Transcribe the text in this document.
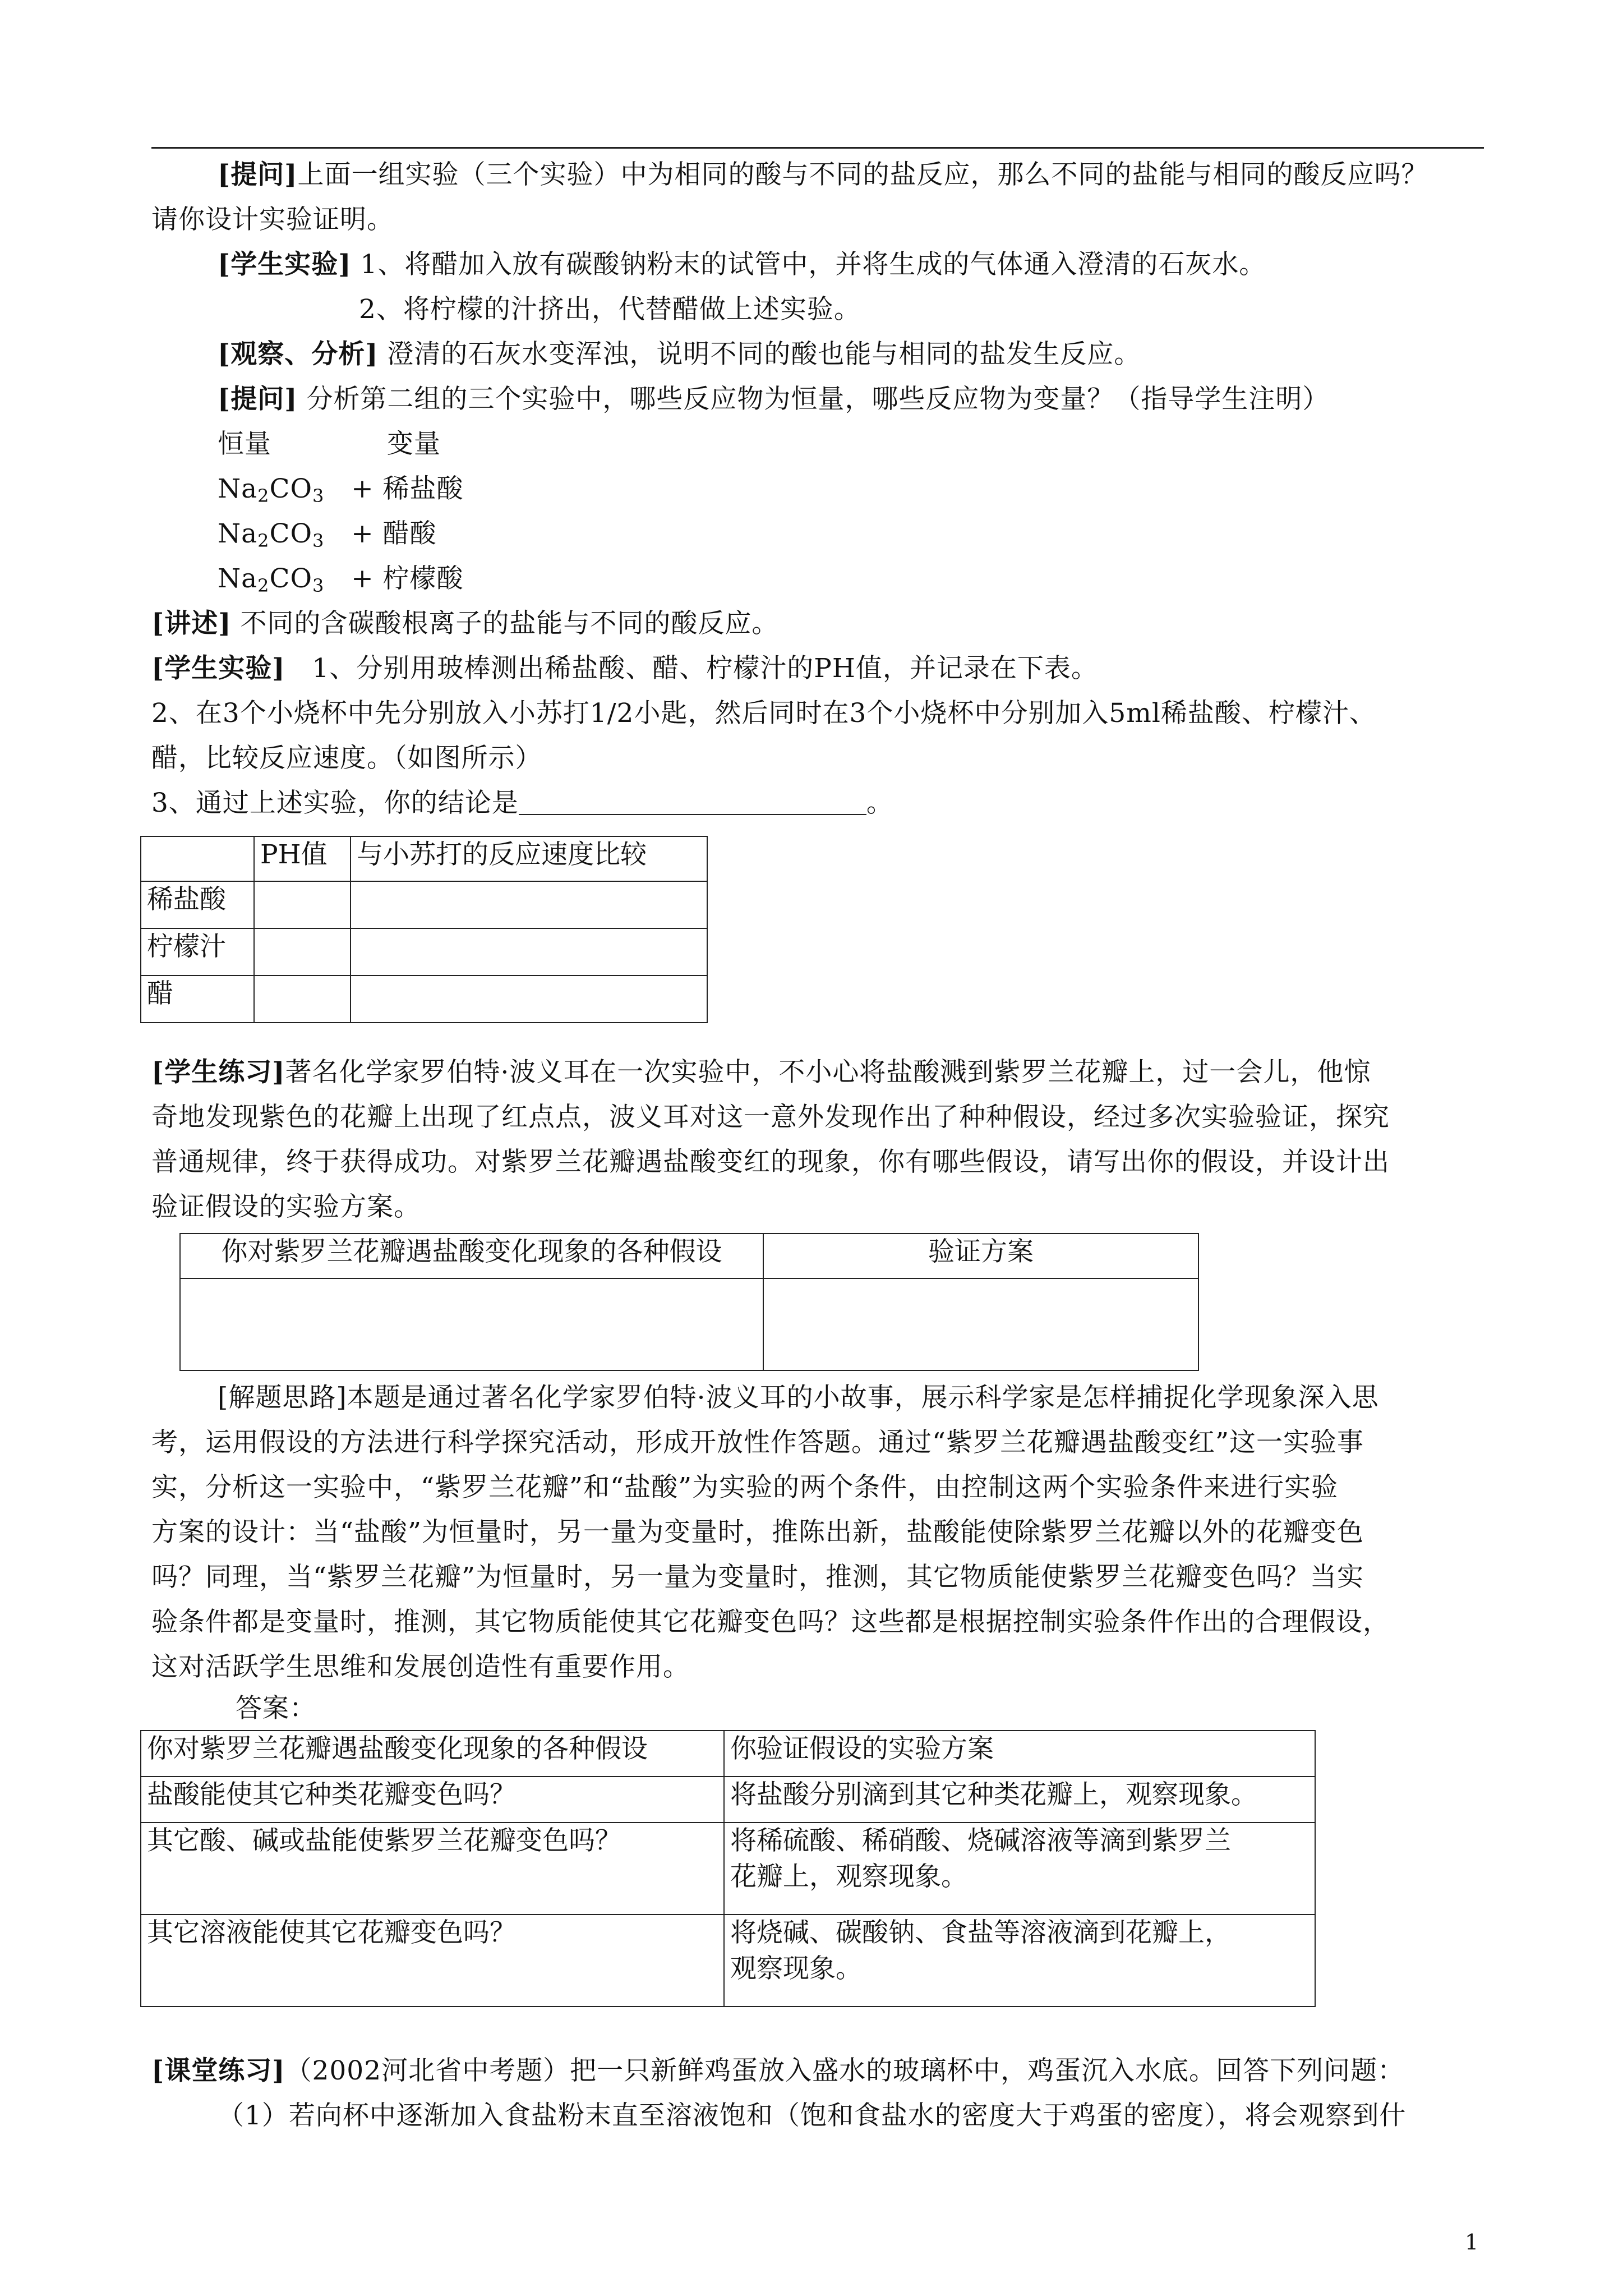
[提问]上面一组实验（三个实验）中为相同的酸与不同的盐反应，那么不同的盐能与相同的酸反应吗？
请你设计实验证明。
[学生实验] 1、将醋加入放有碳酸钠粉末的试管中，并将生成的气体通入澄清的石灰水。
2、将柠檬的汁挤出，代替醋做上述实验。
[观察、分析] 澄清的石灰水变浑浊，说明不同的酸也能与相同的盐发生反应。
[提问] 分析第二组的三个实验中，哪些反应物为恒量，哪些反应物为变量？（指导学生注明）
恒量	变量
$Na_2CO_3$ + 稀盐酸
$Na_2CO_3$ + 醋酸
$Na_2CO_3$ + 柠檬酸
[讲述] 不同的含碳酸根离子的盐能与不同的酸反应。
[学生实验] 1、分别用玻棒测出稀盐酸、醋、柠檬汁的PH值，并记录在下表。
2、在3个小烧杯中先分别放入小苏打1/2小匙，然后同时在3个小烧杯中分别加入5ml稀盐酸、柠檬汁、
醋，比较反应速度。（如图所示）
3、通过上述实验，你的结论是	。
	PH值	与小苏打的反应速度比较
稀盐酸		
柠檬汁		
醋		
[学生练习]著名化学家罗伯特·波义耳在一次实验中，不小心将盐酸溅到紫罗兰花瓣上，过一会儿，他惊
奇地发现紫色的花瓣上出现了红点点，波义耳对这一意外发现作出了种种假设，经过多次实验验证，探究
普通规律，终于获得成功。对紫罗兰花瓣遇盐酸变红的现象，你有哪些假设，请写出你的假设，并设计出
验证假设的实验方案。
你对紫罗兰花瓣遇盐酸变化现象的各种假设	验证方案

[解题思路]本题是通过著名化学家罗伯特·波义耳的小故事，展示科学家是怎样捕捉化学现象深入思
考，运用假设的方法进行科学探究活动，形成开放性作答题。通过“紫罗兰花瓣遇盐酸变红”这一实验事
实，分析这一实验中，“紫罗兰花瓣”和“盐酸”为实验的两个条件，由控制这两个实验条件来进行实验
方案的设计：当“盐酸”为恒量时，另一量为变量时，推陈出新，盐酸能使除紫罗兰花瓣以外的花瓣变色
吗？同理，当“紫罗兰花瓣”为恒量时，另一量为变量时，推测，其它物质能使紫罗兰花瓣变色吗？当实
验条件都是变量时，推测，其它物质能使其它花瓣变色吗？这些都是根据控制实验条件作出的合理假设，
这对活跃学生思维和发展创造性有重要作用。
答案：
你对紫罗兰花瓣遇盐酸变化现象的各种假设	你验证假设的实验方案
盐酸能使其它种类花瓣变色吗？	将盐酸分别滴到其它种类花瓣上，观察现象。
其它酸、碱或盐能使紫罗兰花瓣变色吗？	将稀硫酸、稀硝酸、烧碱溶液等滴到紫罗兰
花瓣上，观察现象。

其它溶液能使其它花瓣变色吗？	将烧碱、碳酸钠、食盐等溶液滴到花瓣上，
观察现象。
[课堂练习]（2002河北省中考题）把一只新鲜鸡蛋放入盛水的玻璃杯中，鸡蛋沉入水底。回答下列问题：
（1）若向杯中逐渐加入食盐粉末直至溶液饱和（饱和食盐水的密度大于鸡蛋的密度），将会观察到什
1
